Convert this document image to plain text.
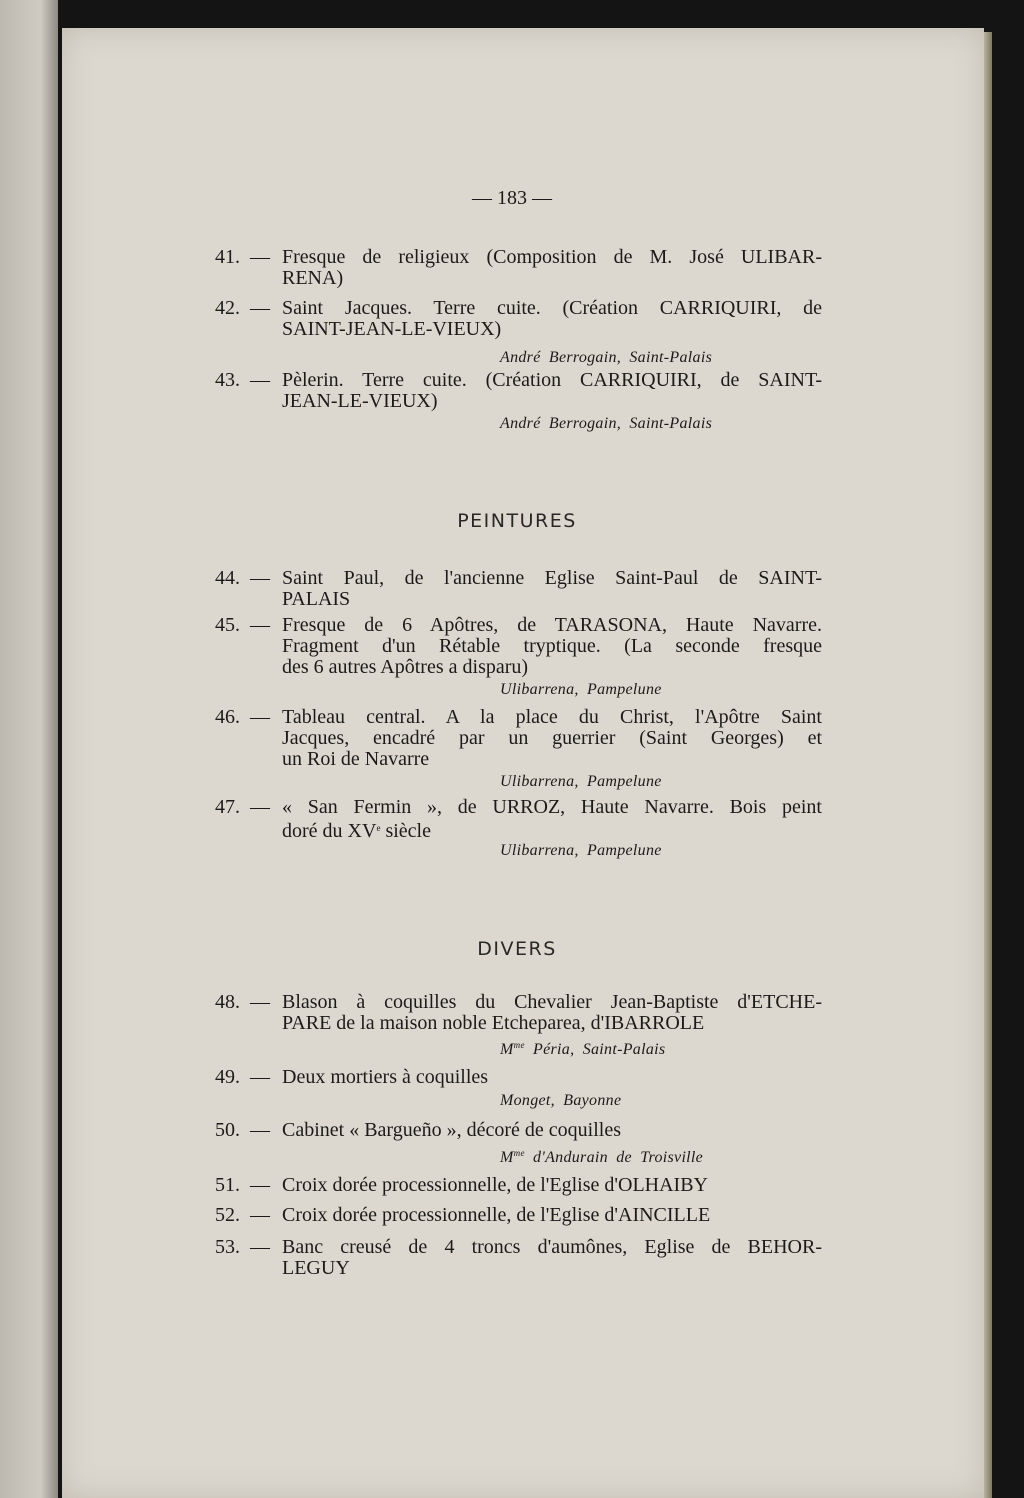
— 183 —
41. — Fresque de religieux (Composition de M. José ULIBAR-
RENA)
42. — Saint Jacques. Terre cuite. (Création CARRIQUIRI, de
SAINT-JEAN-LE-VIEUX)
André Berrogain, Saint-Palais
43. — Pèlerin. Terre cuite. (Création CARRIQUIRI, de SAINT-
JEAN-LE-VIEUX)
André Berrogain, Saint-Palais
PEINTURES
44. — Saint Paul, de l'ancienne Eglise Saint-Paul de SAINT-
PALAIS
45. — Fresque de 6 Apôtres, de TARASONA, Haute Navarre.
Fragment d'un Rétable tryptique. (La seconde fresque
des 6 autres Apôtres a disparu)
Ulibarrena, Pampelune
46. — Tableau central. A la place du Christ, l'Apôtre Saint
Jacques, encadré par un guerrier (Saint Georges) et
un Roi de Navarre
Ulibarrena, Pampelune
47. — « San Fermin », de URROZ, Haute Navarre. Bois peint
doré du XVe siècle
Ulibarrena, Pampelune
DIVERS
48. — Blason à coquilles du Chevalier Jean-Baptiste d'ETCHE-
PARE de la maison noble Etcheparea, d'IBARROLE
$M^{me}$ Péria, Saint-Palais
49. — Deux mortiers à coquilles
Monget, Bayonne
50. — Cabinet « Bargueño », décoré de coquilles
$M^{me}$ d'Andurain de Troisville
51. — Croix dorée processionnelle, de l'Eglise d'OLHAIBY
52. — Croix dorée processionnelle, de l'Eglise d'AINCILLE
53. — Banc creusé de 4 troncs d'aumônes, Eglise de BEHOR-
LEGUY
